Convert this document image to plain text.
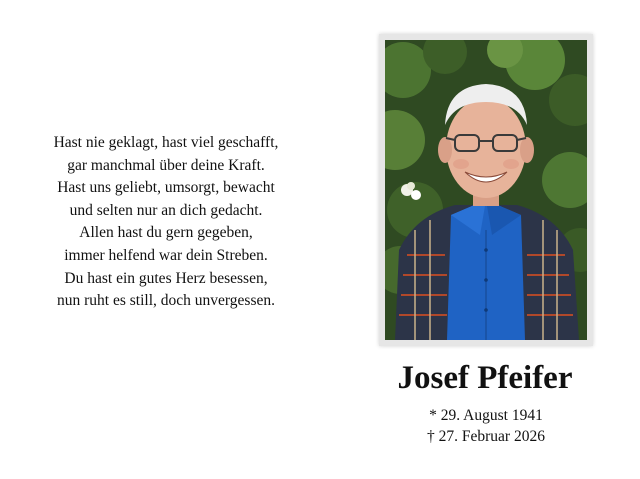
Hast nie geklagt, hast viel geschafft,
gar manchmal über deine Kraft.
Hast uns geliebt, umsorgt, bewacht
und selten nur an dich gedacht.
Allen hast du gern gegeben,
immer helfend war dein Streben.
Du hast ein gutes Herz besessen,
nun ruht es still, doch unvergessen.
Josef Pfeifer
* 29. August 1941
† 27. Februar 2026
